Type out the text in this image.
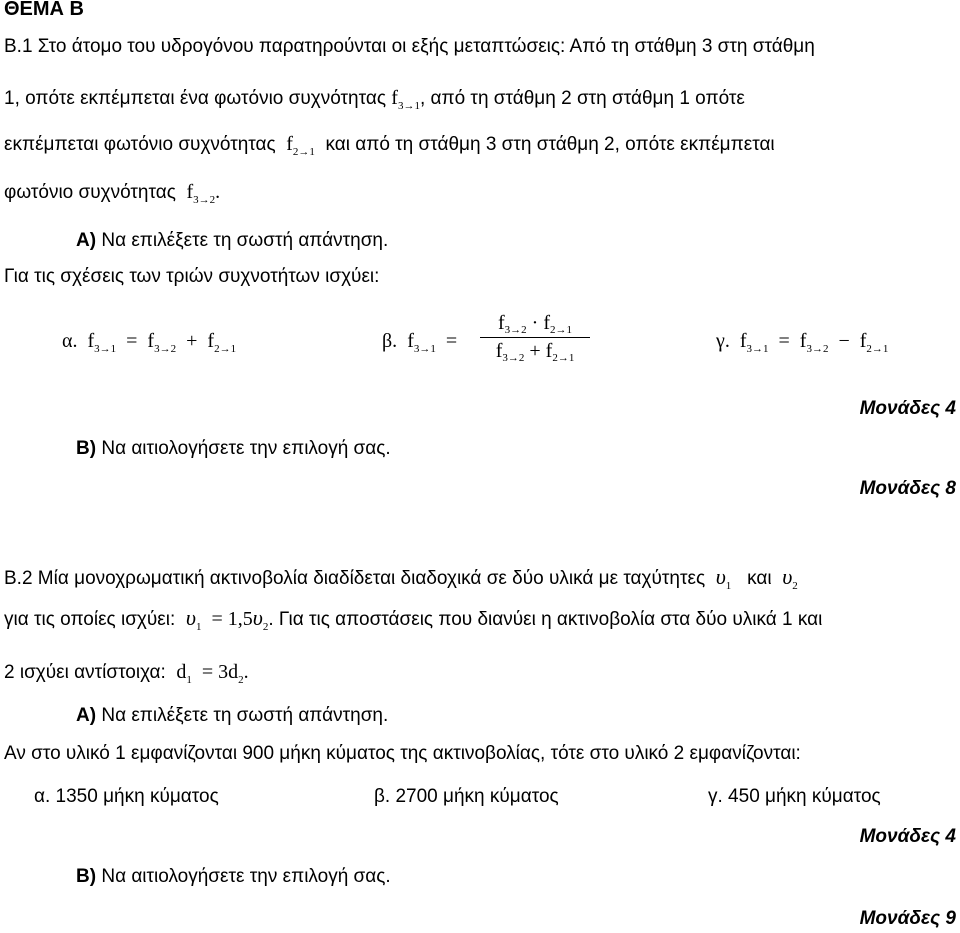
ΘΕΜΑ Β
Β.1 Στο άτομο του υδρογόνου παρατηρούνται οι εξής μεταπτώσεις: Από τη στάθμη 3 στη στάθμη
1, οπότε εκπέμπεται ένα φωτόνιο συχνότητας $f_{3\to 1}$, από τη στάθμη 2 στη στάθμη 1 οπότε
εκπέμπεται φωτόνιο συχνότητας $f_{2\to 1}$ και από τη στάθμη 3 στη στάθμη 2, οπότε εκπέμπεται
φωτόνιο συχνότητας $f_{3\to 2}$.
Α) Να επιλέξετε τη σωστή απάντηση.
Για τις σχέσεις των τριών συχνοτήτων ισχύει:
α.  $f_{3\to 1} = f_{3\to 2} + f_{2\to 1}$	β.  $f_{3\to 1}$  =
$f_{3\to 2} \cdot f_{2\to 1}$
$f_{3\to 2} + f_{2\to 1}$
γ.  $f_{3\to 1} = f_{3\to 2} - f_{2\to 1}$
Μονάδες 4
Β) Να αιτιολογήσετε την επιλογή σας.
Μονάδες 8
Β.2 Μία μονοχρωματική ακτινοβολία διαδίδεται διαδοχικά σε δύο υλικά με ταχύτητες $\upsilon_1$ και $\upsilon_2$
για τις οποίες ισχύει: $\upsilon_1 = 1,5\upsilon_2$. Για τις αποστάσεις που διανύει η ακτινοβολία στα δύο υλικά 1 και
2 ισχύει αντίστοιχα: $d_1 = 3d_2$.
Α) Να επιλέξετε τη σωστή απάντηση.
Αν στο υλικό 1 εμφανίζονται 900 μήκη κύματος της ακτινοβολίας, τότε στο υλικό 2 εμφανίζονται:
α. 1350 μήκη κύματος	β. 2700 μήκη κύματος	γ. 450 μήκη κύματος
Μονάδες 4
Β) Να αιτιολογήσετε την επιλογή σας.
Μονάδες 9
